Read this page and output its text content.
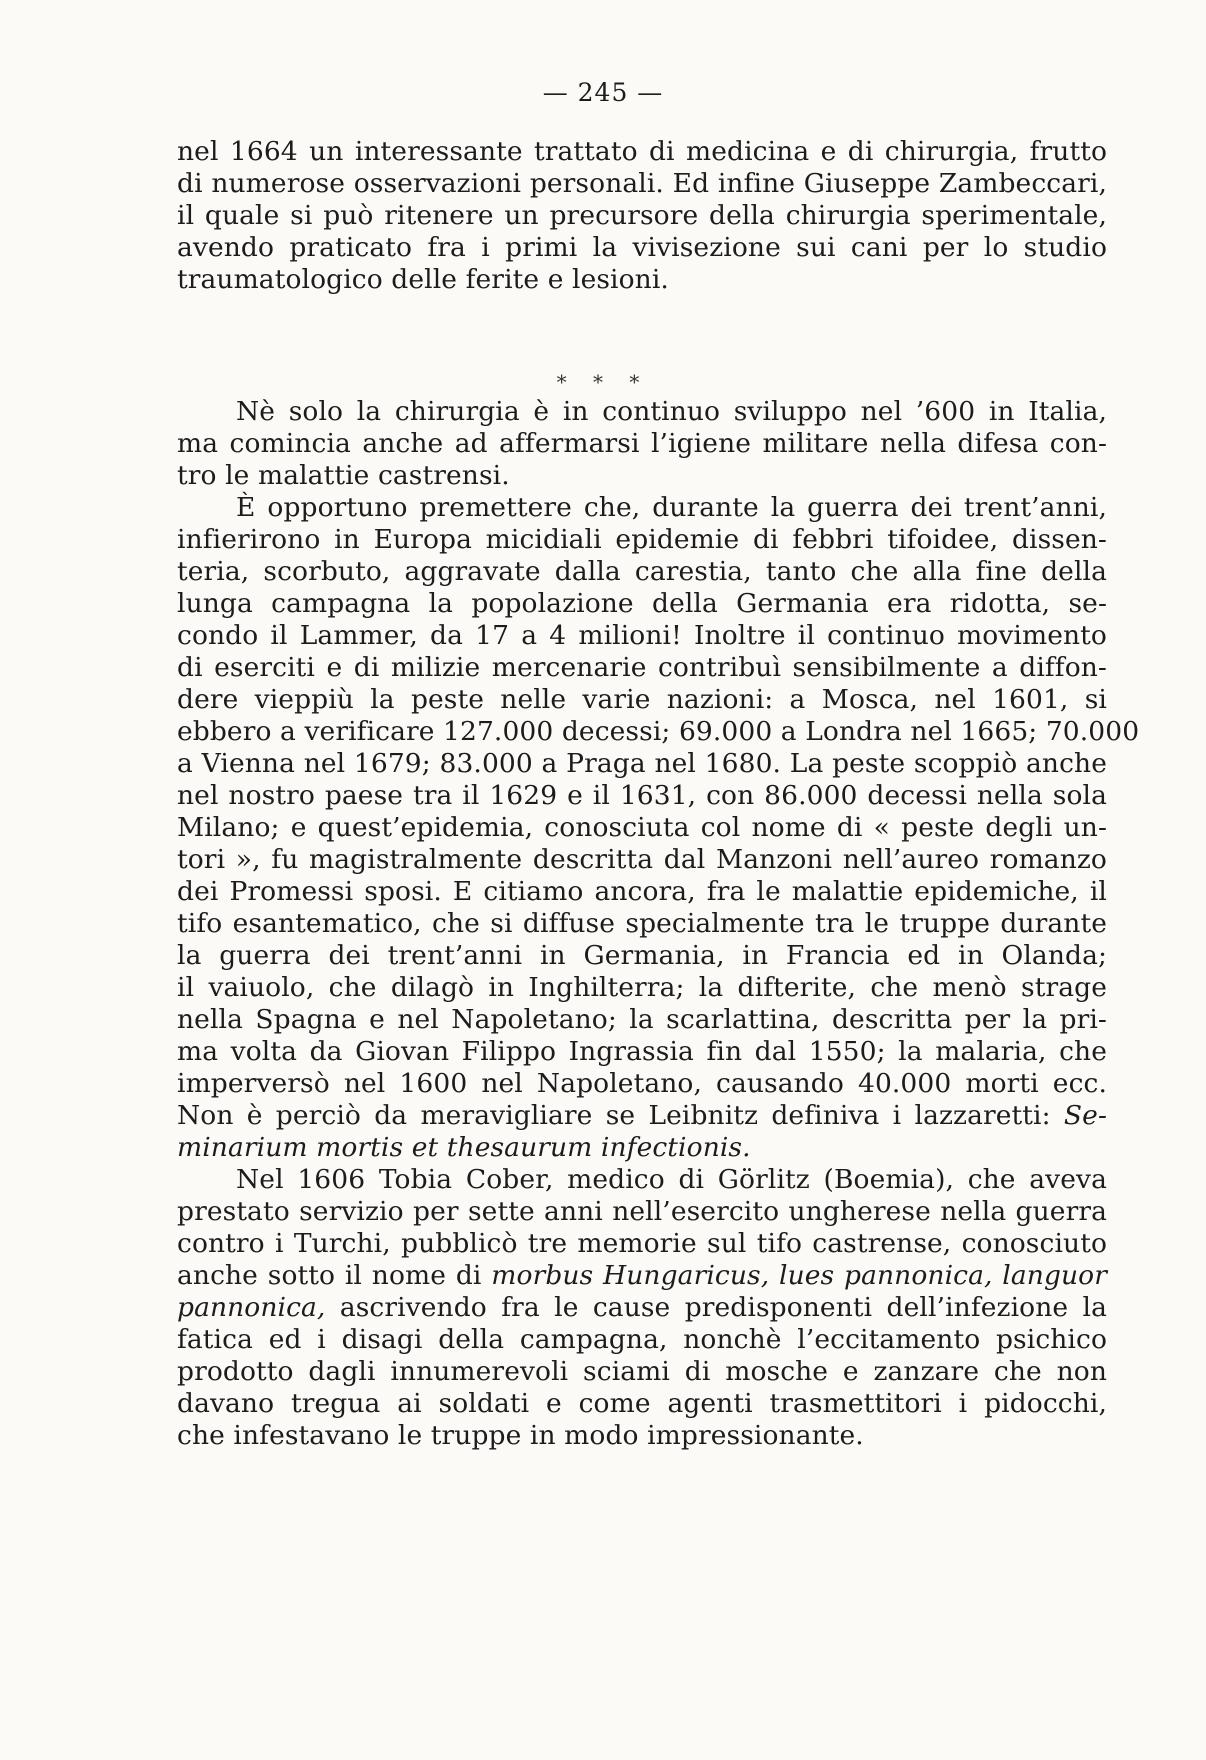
— 245 —
* * *
nel 1664 un interessante trattato di medicina e di chirurgia, frutto
di numerose osservazioni personali. Ed infine Giuseppe Zambeccari,
il quale si può ritenere un precursore della chirurgia sperimentale,
avendo praticato fra i primi la vivisezione sui cani per lo studio
traumatologico delle ferite e lesioni.
Nè solo la chirurgia è in continuo sviluppo nel ’600 in Italia,
ma comincia anche ad affermarsi l’igiene militare nella difesa con-
tro le malattie castrensi.
È opportuno premettere che, durante la guerra dei trent’anni,
infierirono in Europa micidiali epidemie di febbri tifoidee, dissen-
teria, scorbuto, aggravate dalla carestia, tanto che alla fine della
lunga campagna la popolazione della Germania era ridotta, se-
condo il Lammer, da 17 a 4 milioni! Inoltre il continuo movimento
di eserciti e di milizie mercenarie contribuì sensibilmente a diffon-
dere vieppiù la peste nelle varie nazioni: a Mosca, nel 1601, si
ebbero a verificare 127.000 decessi; 69.000 a Londra nel 1665; 70.000
a Vienna nel 1679; 83.000 a Praga nel 1680. La peste scoppiò anche
nel nostro paese tra il 1629 e il 1631, con 86.000 decessi nella sola
Milano; e quest’epidemia, conosciuta col nome di « peste degli un-
tori », fu magistralmente descritta dal Manzoni nell’aureo romanzo
dei Promessi sposi. E citiamo ancora, fra le malattie epidemiche, il
tifo esantematico, che si diffuse specialmente tra le truppe durante
la guerra dei trent’anni in Germania, in Francia ed in Olanda;
il vaiuolo, che dilagò in Inghilterra; la difterite, che menò strage
nella Spagna e nel Napoletano; la scarlattina, descritta per la pri-
ma volta da Giovan Filippo Ingrassia fin dal 1550; la malaria, che
imperversò nel 1600 nel Napoletano, causando 40.000 morti ecc.
Non è perciò da meravigliare se Leibnitz definiva i lazzaretti: Se-
minarium mortis et thesaurum infectionis.
Nel 1606 Tobia Cober, medico di Görlitz (Boemia), che aveva
prestato servizio per sette anni nell’esercito ungherese nella guerra
contro i Turchi, pubblicò tre memorie sul tifo castrense, conosciuto
anche sotto il nome di morbus Hungaricus, lues pannonica, languor
pannonica, ascrivendo fra le cause predisponenti dell’infezione la
fatica ed i disagi della campagna, nonchè l’eccitamento psichico
prodotto dagli innumerevoli sciami di mosche e zanzare che non
davano tregua ai soldati e come agenti trasmettitori i pidocchi,
che infestavano le truppe in modo impressionante.
